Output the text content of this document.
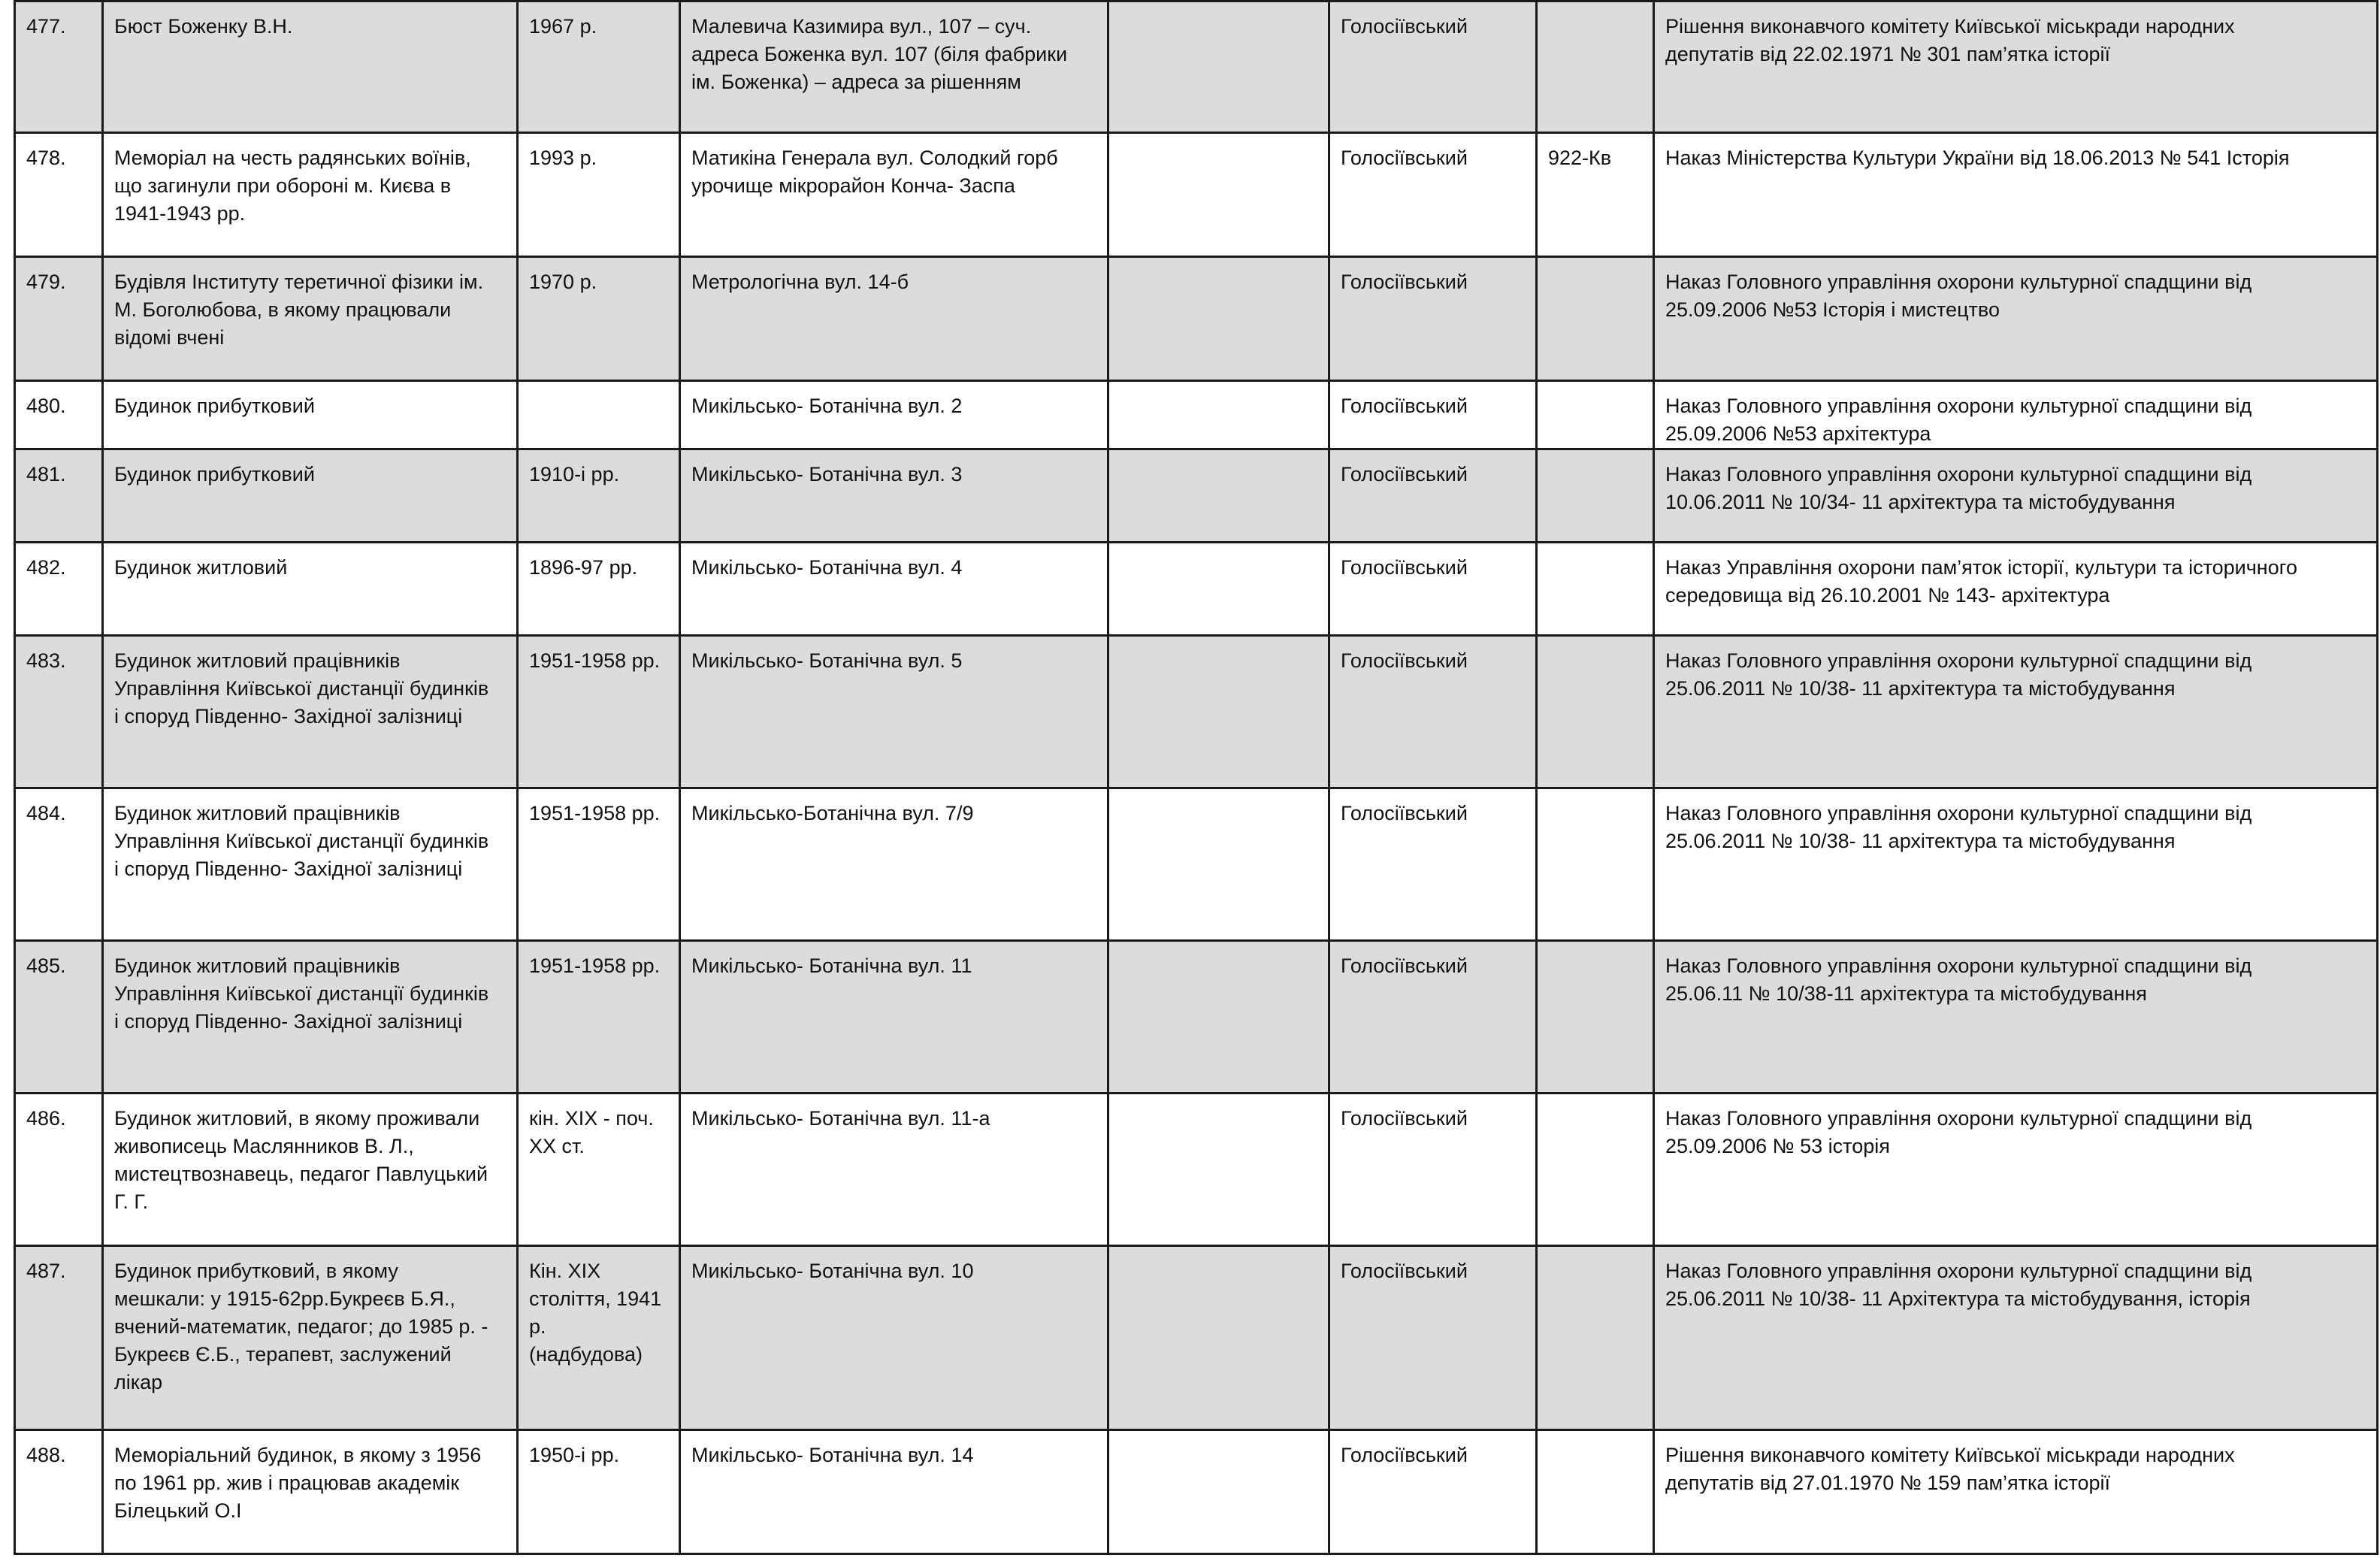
477.	Бюст Боженку В.Н.	1967 р.	Малевича Казимира вул., 107 – суч.
адреса Боженка вул. 107 (біля фабрики
ім. Боженка) – адреса за рішенням		Голосіївський		Рішення виконавчого комітету Київської міськради народних
депутатів від 22.02.1971 № 301 пам’ятка історії
478.	Меморіал на честь радянських воїнів,
що загинули при обороні м. Києва в
1941-1943 рр.	1993 р.	Матикіна Генерала вул. Солодкий горб
урочище мікрорайон Конча- Заспа		Голосіївський	922-Кв	Наказ Міністерства Культури України від 18.06.2013 № 541 Історія
479.	Будівля Інституту теретичної фізики ім.
М. Боголюбова, в якому працювали
відомі вчені	1970 р.	Метрологічна вул. 14-б		Голосіївський		Наказ Головного управління охорони культурної спадщини від
25.09.2006 №53 Історія і мистецтво
480.	Будинок прибутковий		Микільсько- Ботанічна вул. 2		Голосіївський		Наказ Головного управління охорони культурної спадщини від
25.09.2006 №53 архітектура
481.	Будинок прибутковий	1910-і рр.	Микільсько- Ботанічна вул. 3		Голосіївський		Наказ Головного управління охорони культурної спадщини від
10.06.2011 № 10/34- 11 архітектура та містобудування
482.	Будинок житловий	1896-97 рр.	Микільсько- Ботанічна вул. 4		Голосіївський		Наказ Управління охорони пам’яток історії, культури та історичного
середовища від 26.10.2001 № 143- архітектура
483.	Будинок житловий працівників
Управління Київської дистанції будинків
і споруд Південно- Західної залізниці	1951-1958 рр.	Микільсько- Ботанічна вул. 5		Голосіївський		Наказ Головного управління охорони культурної спадщини від
25.06.2011 № 10/38- 11 архітектура та містобудування
484.	Будинок житловий працівників
Управління Київської дистанції будинків
і споруд Південно- Західної залізниці	1951-1958 рр.	Микільсько-Ботанічна вул. 7/9		Голосіївський		Наказ Головного управління охорони культурної спадщини від
25.06.2011 № 10/38- 11 архітектура та містобудування
485.	Будинок житловий працівників
Управління Київської дистанції будинків
і споруд Південно- Західної залізниці	1951-1958 рр.	Микільсько- Ботанічна вул. 11		Голосіївський		Наказ Головного управління охорони культурної спадщини від
25.06.11 № 10/38-11 архітектура та містобудування
486.	Будинок житловий, в якому проживали
живописець Маслянников В. Л.,
мистецтвознавець, педагог Павлуцький
Г. Г.	кін. ХІХ - поч.
ХХ ст.	Микільсько- Ботанічна вул. 11-а		Голосіївський		Наказ Головного управління охорони культурної спадщини від
25.09.2006 № 53 історія
487.	Будинок прибутковий, в якому
мешкали: у 1915-62рр.Букреєв Б.Я.,
вчений-математик, педагог; до 1985 р. -
Букреєв Є.Б., терапевт, заслужений
лікар	Кін. ХІХ
століття, 1941
р.
(надбудова)	Микільсько- Ботанічна вул. 10		Голосіївський		Наказ Головного управління охорони культурної спадщини від
25.06.2011 № 10/38- 11 Архітектура та містобудування, історія
488.	Меморіальний будинок, в якому з 1956
по 1961 рр. жив і працював академік
Білецький О.І	1950-і рр.	Микільсько- Ботанічна вул. 14		Голосіївський		Рішення виконавчого комітету Київської міськради народних
депутатів від 27.01.1970 № 159 пам’ятка історії
